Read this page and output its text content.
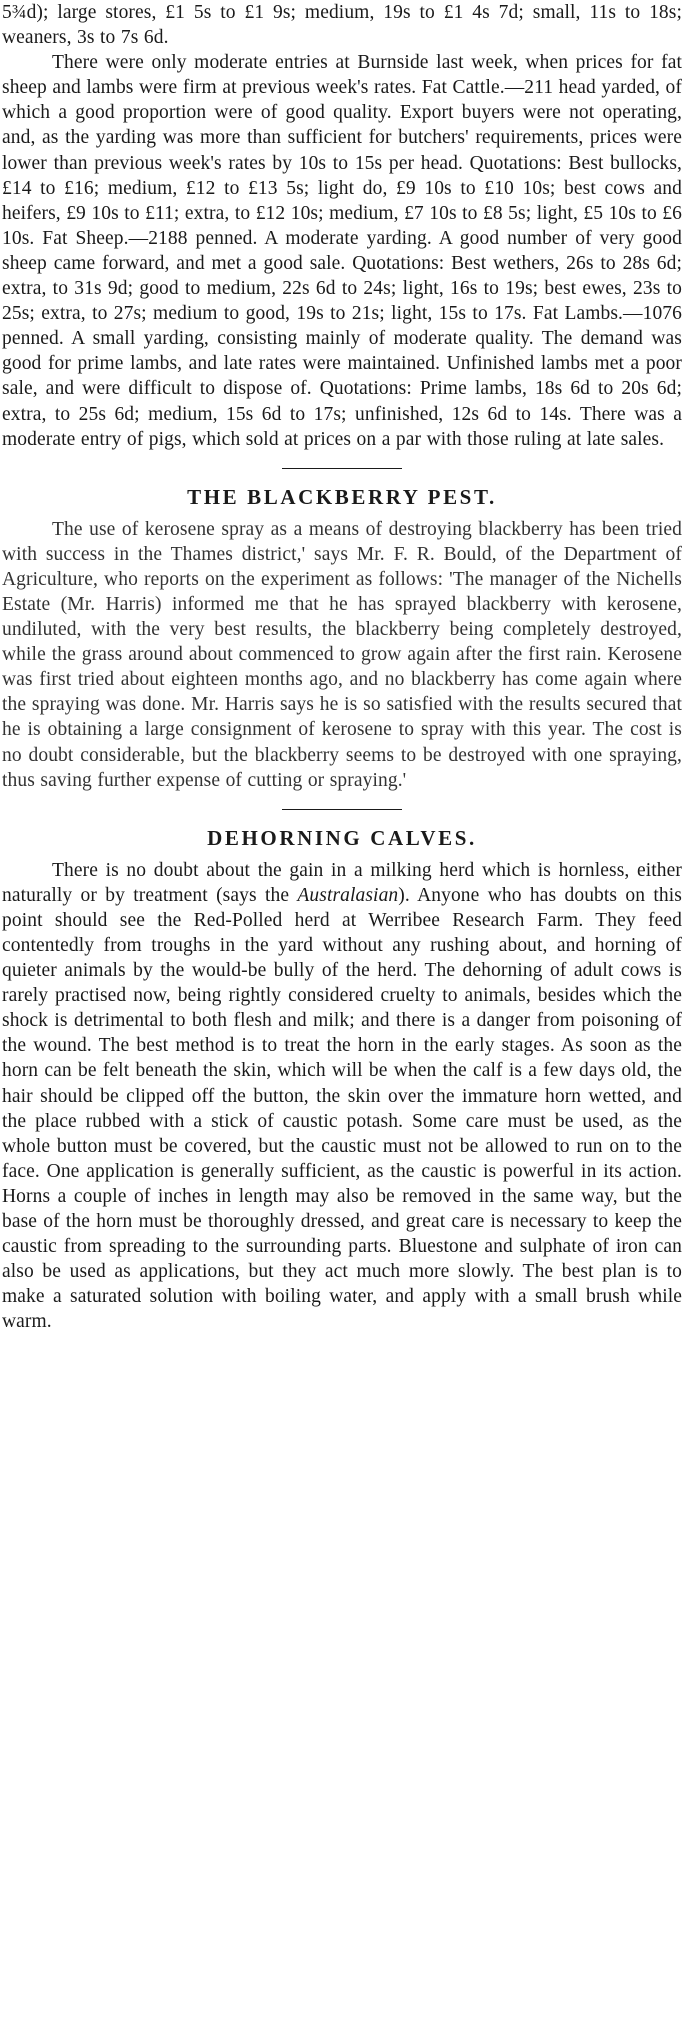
5¾d); large stores, £1 5s to £1 9s; medium, 19s to £1 4s 7d; small, 11s to 18s; weaners, 3s to 7s 6d.

There were only moderate entries at Burnside last week, when prices for fat sheep and lambs were firm at previous week's rates. Fat Cattle.—211 head yarded, of which a good proportion were of good quality. Export buyers were not operating, and, as the yarding was more than sufficient for butchers' requirements, prices were lower than previous week's rates by 10s to 15s per head. Quotations: Best bullocks, £14 to £16; medium, £12 to £13 5s; light do, £9 10s to £10 10s; best cows and heifers, £9 10s to £11; extra, to £12 10s; medium, £7 10s to £8 5s; light, £5 10s to £6 10s. Fat Sheep.—2188 penned. A moderate yarding. A good number of very good sheep came forward, and met a good sale. Quotations: Best wethers, 26s to 28s 6d; extra, to 31s 9d; good to medium, 22s 6d to 24s; light, 16s to 19s; best ewes, 23s to 25s; extra, to 27s; medium to good, 19s to 21s; light, 15s to 17s. Fat Lambs.—1076 penned. A small yarding, consisting mainly of moderate quality. The demand was good for prime lambs, and late rates were maintained. Unfinished lambs met a poor sale, and were difficult to dispose of. Quotations: Prime lambs, 18s 6d to 20s 6d; extra, to 25s 6d; medium, 15s 6d to 17s; unfinished, 12s 6d to 14s. There was a moderate entry of pigs, which sold at prices on a par with those ruling at late sales.

THE BLACKBERRY PEST.

The use of kerosene spray as a means of destroying blackberry has been tried with success in the Thames district,' says Mr. F. R. Bould, of the Department of Agriculture, who reports on the experiment as follows: 'The manager of the Nichells Estate (Mr. Harris) informed me that he has sprayed blackberry with kerosene, undiluted, with the very best results, the blackberry being completely destroyed, while the grass around about commenced to grow again after the first rain. Kerosene was first tried about eighteen months ago, and no blackberry has come again where the spraying was done. Mr. Harris says he is so satisfied with the results secured that he is obtaining a large consignment of kerosene to spray with this year. The cost is no doubt considerable, but the blackberry seems to be destroyed with one spraying, thus saving further expense of cutting or spraying.'

DEHORNING CALVES.

There is no doubt about the gain in a milking herd which is hornless, either naturally or by treatment (says the Australasian). Anyone who has doubts on this point should see the Red-Polled herd at Werribee Research Farm. They feed contentedly from troughs in the yard without any rushing about, and horning of quieter animals by the would-be bully of the herd. The dehorning of adult cows is rarely practised now, being rightly considered cruelty to animals, besides which the shock is detrimental to both flesh and milk; and there is a danger from poisoning of the wound. The best method is to treat the horn in the early stages. As soon as the horn can be felt beneath the skin, which will be when the calf is a few days old, the hair should be clipped off the button, the skin over the immature horn wetted, and the place rubbed with a stick of caustic potash. Some care must be used, as the whole button must be covered, but the caustic must not be allowed to run on to the face. One application is generally sufficient, as the caustic is powerful in its action. Horns a couple of inches in length may also be removed in the same way, but the base of the horn must be thoroughly dressed, and great care is necessary to keep the caustic from spreading to the surrounding parts. Bluestone and sulphate of iron can also be used as applications, but they act much more slowly. The best plan is to make a saturated solution with boiling water, and apply with a small brush while warm.
